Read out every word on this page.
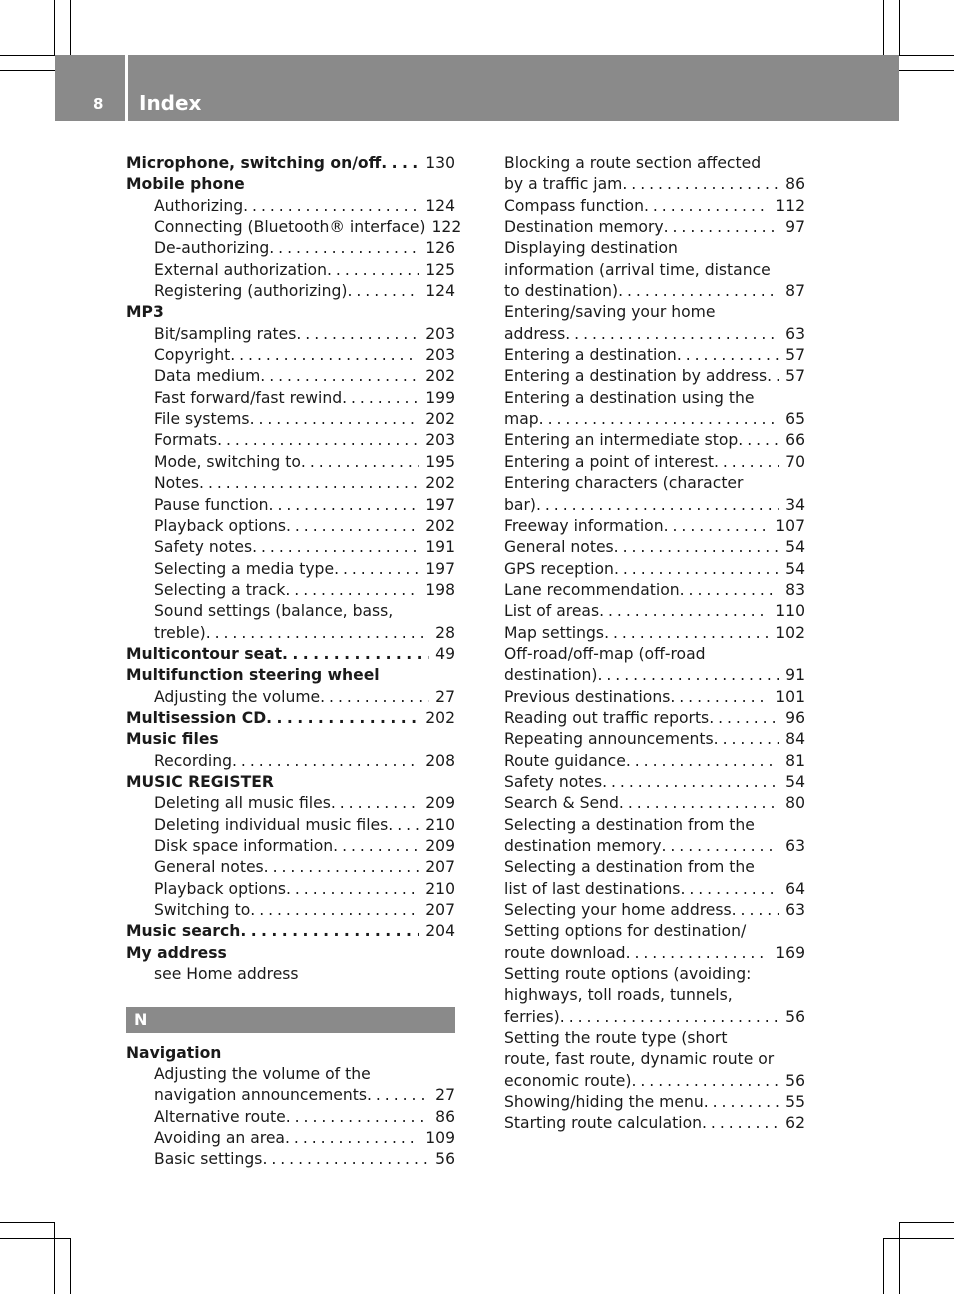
8 Index
Microphone, switching on/off . . .	130
Mobile phone
Authorizing . . .	124
Connecting (Bluetooth® interface) 122
De-authorizing . . .	126
External authorization . . .	125
Registering (authorizing) . . .	124
MP3
Bit/sampling rates . . .	203
Copyright . . .	203
Data medium . . .	202
Fast forward/fast rewind . . .	199
File systems . . .	202
Formats . . .	203
Mode, switching to . . .	195
Notes . . .	202
Pause function . . .	197
Playback options . . .	202
Safety notes . . .	191
Selecting a media type . . .	197
Selecting a track . . .	198
Sound settings (balance, bass,
treble) . . .	28
Multicontour seat . . .	49
Multifunction steering wheel
Adjusting the volume . . .	27
Multisession CD . . .	202
Music files
Recording . . .	208
MUSIC REGISTER
Deleting all music files . . .	209
Deleting individual music files . . .	210
Disk space information . . .	209
General notes . . .	207
Playback options . . .	210
Switching to . . .	207
Music search . . .	204
My address
see Home address
N
Navigation
Adjusting the volume of the
navigation announcements . . .	27
Alternative route . . .	86
Avoiding an area . . .	109
Basic settings . . .	56
Blocking a route section affected
by a traffic jam . . .	86
Compass function . . .	112
Destination memory . . .	97
Displaying destination
information (arrival time, distance
to destination) . . .	87
Entering/saving your home
address . . .	63
Entering a destination . . .	57
Entering a destination by address . . .	57
Entering a destination using the
map . . .	65
Entering an intermediate stop . . .	66
Entering a point of interest . . .	70
Entering characters (character
bar) . . .	34
Freeway information . . .	107
General notes . . .	54
GPS reception . . .	54
Lane recommendation . . .	83
List of areas . . .	110
Map settings . . .	102
Off-road/off-map (off-road
destination) . . .	91
Previous destinations . . .	101
Reading out traffic reports . . .	96
Repeating announcements . . .	84
Route guidance . . .	81
Safety notes . . .	54
Search & Send . . .	80
Selecting a destination from the
destination memory . . .	63
Selecting a destination from the
list of last destinations . . .	64
Selecting your home address . . .	63
Setting options for destination/
route download . . .	169
Setting route options (avoiding:
highways, toll roads, tunnels,
ferries) . . .	56
Setting the route type (short
route, fast route, dynamic route or
economic route) . . .	56
Showing/hiding the menu . . .	55
Starting route calculation . . .	62
